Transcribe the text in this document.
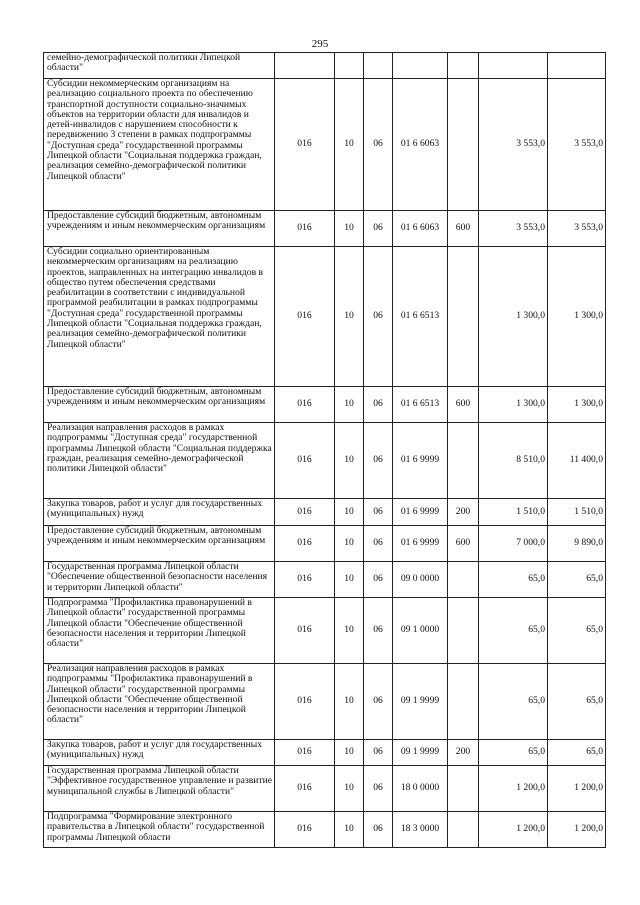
295
семейно-демографической политики Липецкой области"							
Субсидии некоммерческим организациям на реализацию социального проекта по обеспечению транспортной доступности социально-значимых объектов на территории области для инвалидов и детей-инвалидов с нарушением способности к передвижению 3 степени в рамках подпрограммы "Доступная среда" государственной программы Липецкой области "Социальная поддержка граждан, реализация семейно-демографической политики Липецкой области"	016	10	06	01 6 6063		3 553,0	3 553,0
Предоставление субсидий бюджетным, автономным учреждениям и иным некоммерческим организациям	016	10	06	01 6 6063	600	3 553,0	3 553,0
Субсидии социально ориентированным некоммерческим организациям на реализацию проектов, направленных на интеграцию инвалидов в общество путем обеспечения средствами реабилитации в соответствии с индивидуальной программой реабилитации в рамках подпрограммы "Доступная среда" государственной программы Липецкой области "Социальная поддержка граждан, реализация семейно-демографической политики Липецкой области"	016	10	06	01 6 6513		1 300,0	1 300,0
Предоставление субсидий бюджетным, автономным учреждениям и иным некоммерческим организациям	016	10	06	01 6 6513	600	1 300,0	1 300,0
Реализация направления расходов в рамках подпрограммы "Доступная среда" государственной программы Липецкой области "Социальная поддержка граждан, реализация семейно-демографической политики Липецкой области"	016	10	06	01 6 9999		8 510,0	11 400,0
Закупка товаров, работ и услуг для государственных (муниципальных) нужд	016	10	06	01 6 9999	200	1 510,0	1 510,0
Предоставление субсидий бюджетным, автономным учреждениям и иным некоммерческим организациям	016	10	06	01 6 9999	600	7 000,0	9 890,0
Государственная программа Липецкой области "Обеспечение общественной безопасности населения и территории Липецкой области"	016	10	06	09 0 0000		65,0	65,0
Подпрограмма "Профилактика правонарушений в Липецкой области" государственной программы Липецкой области "Обеспечение общественной безопасности населения и территории Липецкой области"	016	10	06	09 1 0000		65,0	65,0
Реализация направления расходов в рамках подпрограммы "Профилактика правонарушений в Липецкой области" государственной программы Липецкой области "Обеспечение общественной безопасности населения и территории Липецкой области"	016	10	06	09 1 9999		65,0	65,0
Закупка товаров, работ и услуг для государственных (муниципальных) нужд	016	10	06	09 1 9999	200	65,0	65,0
Государственная программа Липецкой области "Эффективное государственное управление и развитие муниципальной службы в Липецкой области"	016	10	06	18 0 0000		1 200,0	1 200,0
Подпрограмма "Формирование электронного правительства в Липецкой области" государственной программы Липецкой области	016	10	06	18 3 0000		1 200,0	1 200,0
